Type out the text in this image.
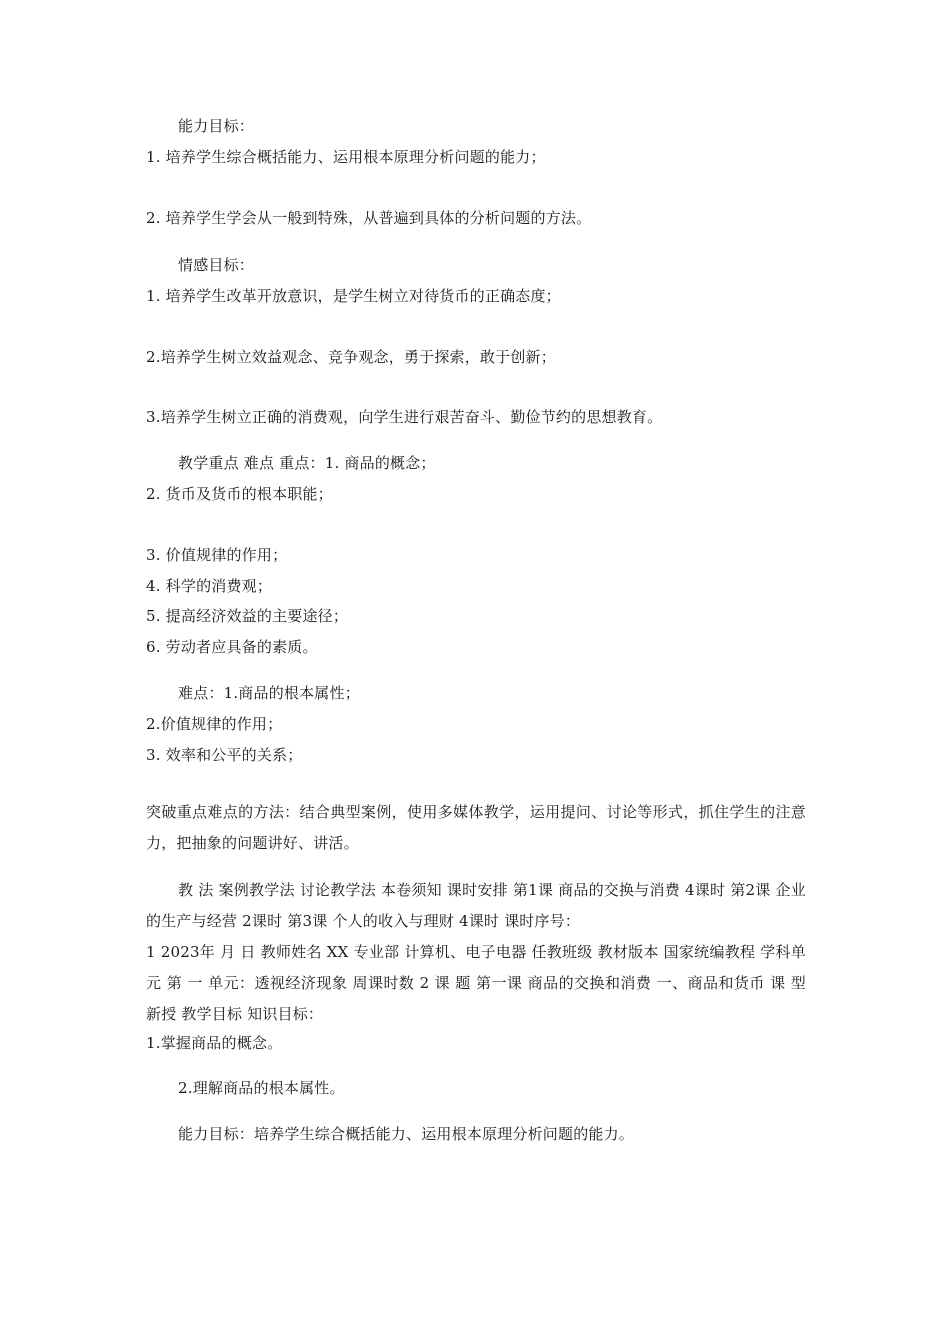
能力目标：
1. 培养学生综合概括能力、运用根本原理分析问题的能力；
2. 培养学生学会从一般到特殊，从普遍到具体的分析问题的方法。
情感目标：
1. 培养学生改革开放意识，是学生树立对待货币的正确态度；
2.培养学生树立效益观念、竞争观念，勇于探索，敢于创新；
3.培养学生树立正确的消费观，向学生进行艰苦奋斗、勤俭节约的思想教育。
教学重点 难点 重点：1. 商品的概念；
2. 货币及货币的根本职能；
3. 价值规律的作用；
4. 科学的消费观；
5. 提高经济效益的主要途径；
6. 劳动者应具备的素质。
难点：1.商品的根本属性；
2.价值规律的作用；
3. 效率和公平的关系；
突破重点难点的方法：结合典型案例，使用多媒体教学，运用提问、讨论等形式，抓住学生的注意力，把抽象的问题讲好、讲活。
教 法 案例教学法 讨论教学法 本卷须知 课时安排 第1课 商品的交换与消费 4课时 第2课 企业的生产与经营 2课时 第3课 个人的收入与理财 4课时 课时序号：
1 2023年 月 日 教师姓名 XX 专业部 计算机、电子电器 任教班级 教材版本 国家统编教程 学科单元 第 一 单元：透视经济现象 周课时数 2 课 题 第一课 商品的交换和消费 一、商品和货币 课 型 新授 教学目标 知识目标：
1.掌握商品的概念。
2.理解商品的根本属性。
能力目标：培养学生综合概括能力、运用根本原理分析问题的能力。
